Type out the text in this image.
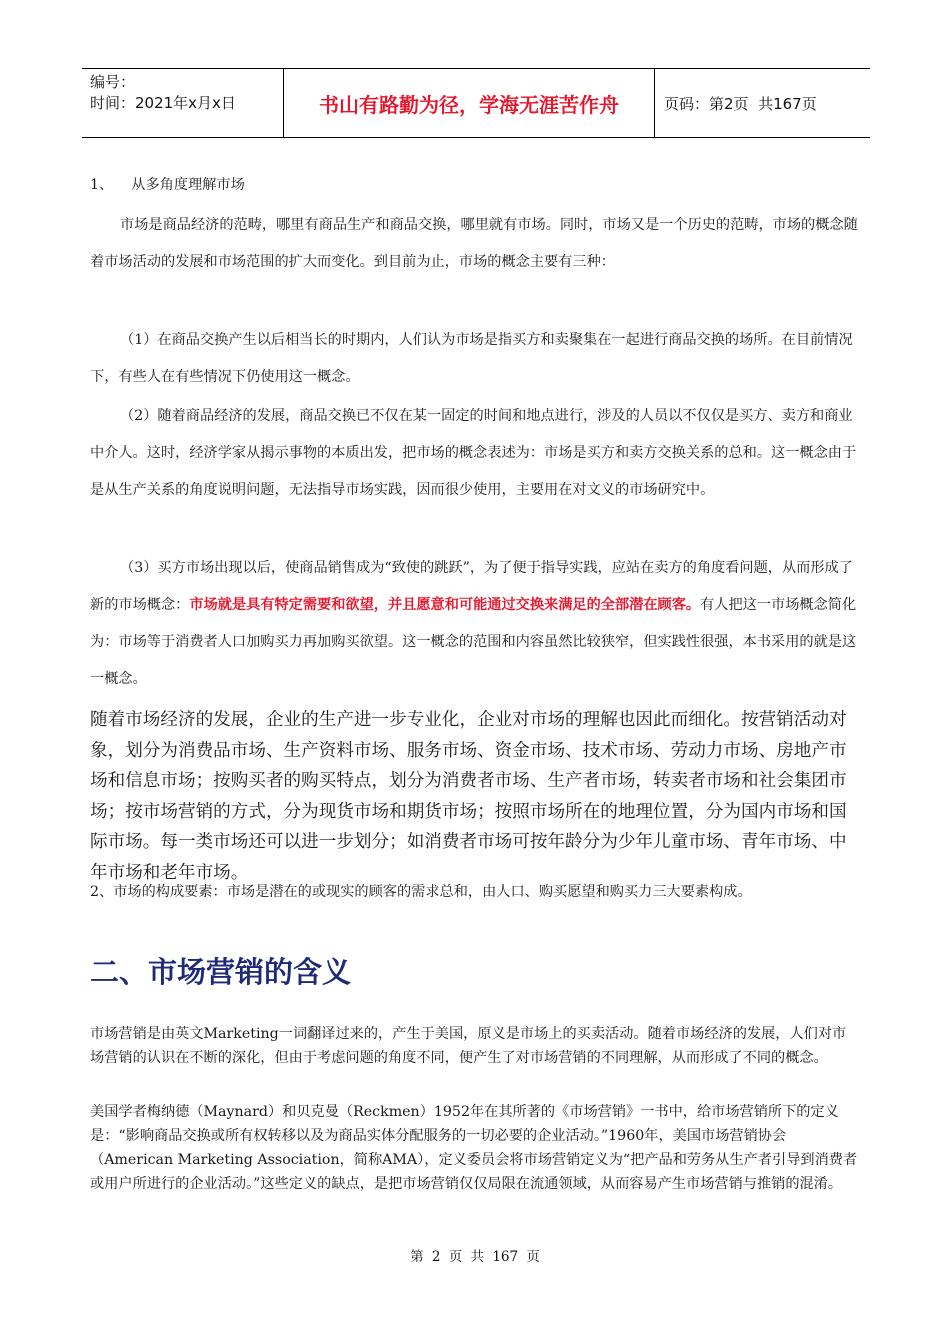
编号：
时间：2021年x月x日	书山有路勤为径，学海无涯苦作舟	页码：第2页  共167页

1、    从多角度理解市场

市场是商品经济的范畴，哪里有商品生产和商品交换，哪里就有市场。同时，市场又是一个历史的范畴，市场的概念随着市场活动的发展和市场范围的扩大而变化。到目前为止，市场的概念主要有三种：

（1）在商品交换产生以后相当长的时期内，人们认为市场是指买方和卖聚集在一起进行商品交换的场所。在目前情况下，有些人在有些情况下仍使用这一概念。

（2）随着商品经济的发展，商品交换已不仅在某一固定的时间和地点进行，涉及的人员以不仅仅是买方、卖方和商业中介人。这时，经济学家从揭示事物的本质出发，把市场的概念表述为：市场是买方和卖方交换关系的总和。这一概念由于是从生产关系的角度说明问题，无法指导市场实践，因而很少使用，主要用在对文义的市场研究中。

（3）买方市场出现以后，使商品销售成为“致使的跳跃”，为了便于指导实践，应站在卖方的角度看问题，从而形成了新的市场概念：市场就是具有特定需要和欲望，并且愿意和可能通过交换来满足的全部潜在顾客。有人把这一市场概念简化为：市场等于消费者人口加购买力再加购买欲望。这一概念的范围和内容虽然比较狭窄，但实践性很强，本书采用的就是这一概念。

随着市场经济的发展，企业的生产进一步专业化，企业对市场的理解也因此而细化。按营销活动对象，划分为消费品市场、生产资料市场、服务市场、资金市场、技术市场、劳动力市场、房地产市场和信息市场；按购买者的购买特点，划分为消费者市场、生产者市场，转卖者市场和社会集团市场；按市场营销的方式，分为现货市场和期货市场；按照市场所在的地理位置，分为国内市场和国际市场。每一类市场还可以进一步划分；如消费者市场可按年龄分为少年儿童市场、青年市场、中年市场和老年市场。

2、市场的构成要素：市场是潜在的或现实的顾客的需求总和，由人口、购买愿望和购买力三大要素构成。

二、市场营销的含义

市场营销是由英文Marketing一词翻译过来的，产生于美国，原义是市场上的买卖活动。随着市场经济的发展，人们对市场营销的认识在不断的深化，但由于考虑问题的角度不同，便产生了对市场营销的不同理解，从而形成了不同的概念。

美国学者梅纳德（Maynard）和贝克曼（Reckmen）1952年在其所著的《市场营销》一书中，给市场营销所下的定义是：“影响商品交换或所有权转移以及为商品实体分配服务的一切必要的企业活动。”1960年，美国市场营销协会（American Marketing Association，简称AMA），定义委员会将市场营销定义为“把产品和劳务从生产者引导到消费者或用户所进行的企业活动。”这些定义的缺点，是把市场营销仅仅局限在流通领域，从而容易产生市场营销与推销的混淆。

第 2 页 共 167 页
